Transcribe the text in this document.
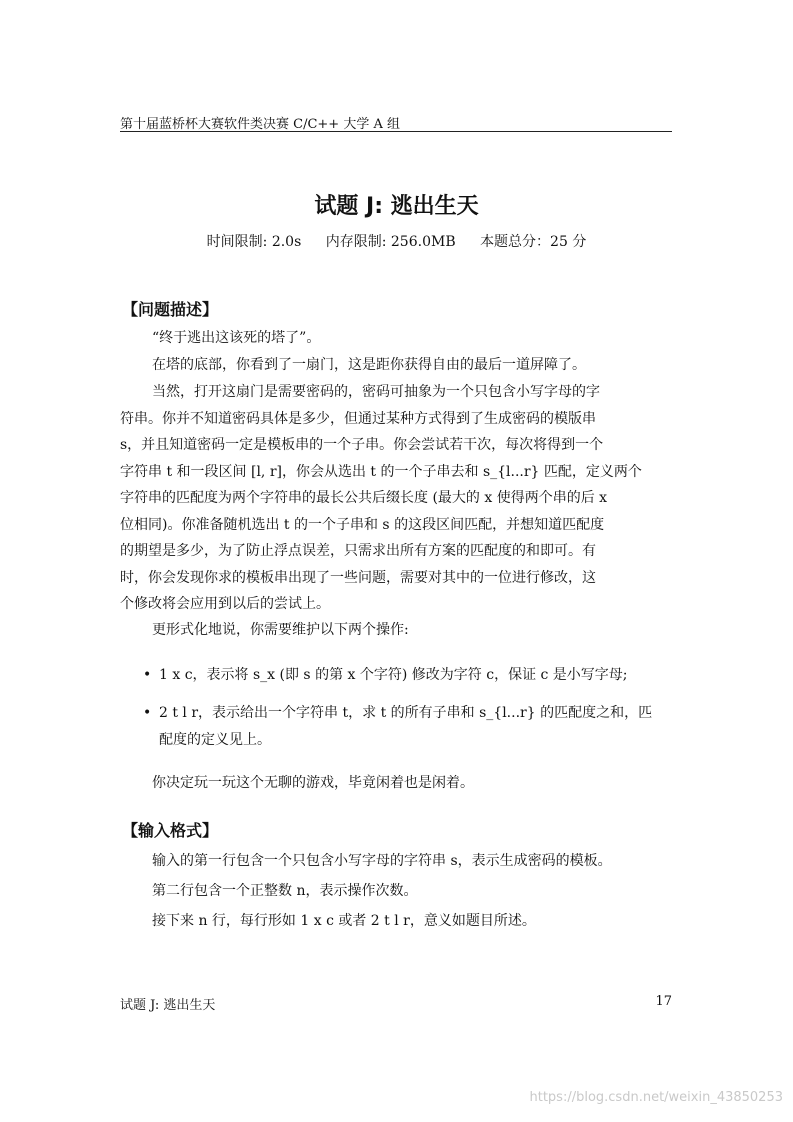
第十届蓝桥杯大赛软件类决赛 C/C++ 大学 A 组
试题 J: 逃出生天
时间限制: 2.0s 内存限制: 256.0MB 本题总分：25 分
【问题描述】
“终于逃出这该死的塔了”。
在塔的底部，你看到了一扇门，这是距你获得自由的最后一道屏障了。
当然，打开这扇门是需要密码的，密码可抽象为一个只包含小写字母的字
符串。你并不知道密码具体是多少，但通过某种方式得到了生成密码的模版串
s，并且知道密码一定是模板串的一个子串。你会尝试若干次，每次将得到一个
字符串 t 和一段区间 [l, r]，你会从选出 t 的一个子串去和 s_{l...r} 匹配，定义两个
字符串的匹配度为两个字符串的最长公共后缀长度 (最大的 x 使得两个串的后 x
位相同)。你准备随机选出 t 的一个子串和 s 的这段区间匹配，并想知道匹配度
的期望是多少，为了防止浮点误差，只需求出所有方案的匹配度的和即可。有
时，你会发现你求的模板串出现了一些问题，需要对其中的一位进行修改，这
个修改将会应用到以后的尝试上。
更形式化地说，你需要维护以下两个操作:
• 1 x c，表示将 s_x (即 s 的第 x 个字符) 修改为字符 c，保证 c 是小写字母;
• 2 t l r，表示给出一个字符串 t，求 t 的所有子串和 s_{l...r} 的匹配度之和，匹
配度的定义见上。
你决定玩一玩这个无聊的游戏，毕竟闲着也是闲着。
【输入格式】
输入的第一行包含一个只包含小写字母的字符串 s，表示生成密码的模板。
第二行包含一个正整数 n，表示操作次数。
接下来 n 行，每行形如 1 x c 或者 2 t l r，意义如题目所述。
试题 J: 逃出生天	17
https://blog.csdn.net/weixin_43850253
